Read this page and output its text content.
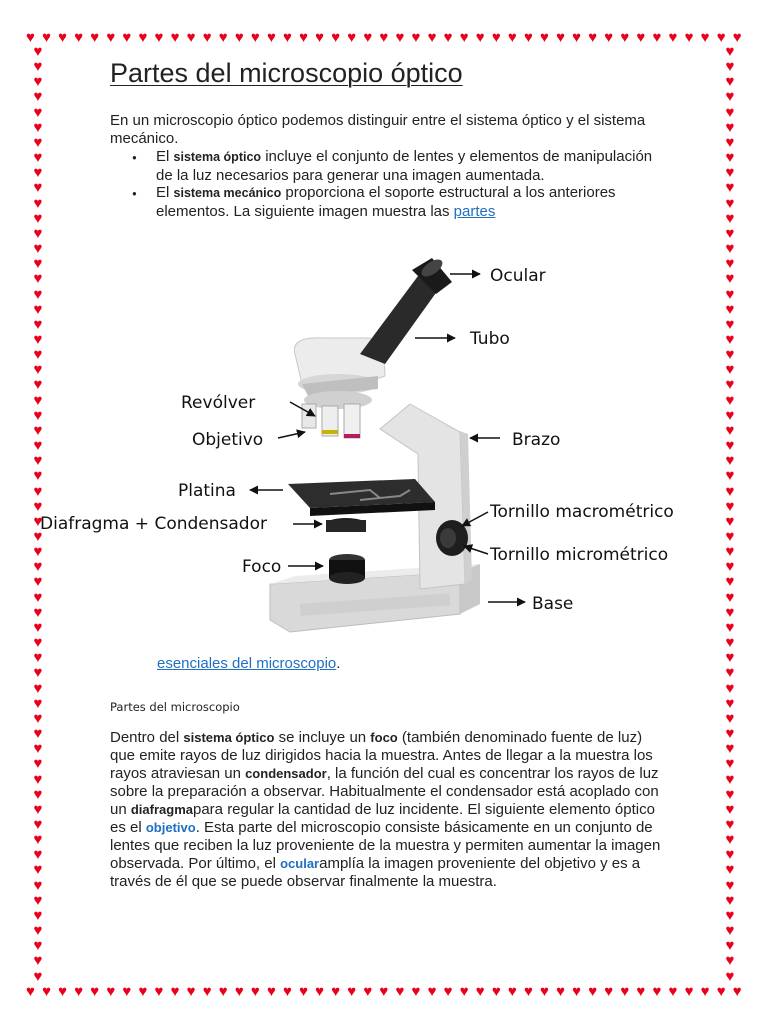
♥ ♥ ♥ ♥ ♥ ♥ ♥ ♥ ♥ ♥ ♥ ♥ ♥ ♥ ♥ ♥ ♥ ♥ ♥ ♥ ♥ ♥ ♥ ♥ ♥ ♥ ♥ ♥ ♥ ♥ ♥ ♥ ♥ ♥ ♥ ♥ ♥ ♥ ♥ ♥ ♥ ♥ ♥ ♥ ♥
♥ ♥ ♥ ♥ ♥ ♥ ♥ ♥ ♥ ♥ ♥ ♥ ♥ ♥ ♥ ♥ ♥ ♥ ♥ ♥ ♥ ♥ ♥ ♥ ♥ ♥ ♥ ♥ ♥ ♥ ♥ ♥ ♥ ♥ ♥ ♥ ♥ ♥ ♥ ♥ ♥ ♥ ♥ ♥ ♥
♥
♥
♥
♥
♥
♥
♥
♥
♥
♥
♥
♥
♥
♥
♥
♥
♥
♥
♥
♥
♥
♥
♥
♥
♥
♥
♥
♥
♥
♥
♥
♥
♥
♥
♥
♥
♥
♥
♥
♥
♥
♥
♥
♥
♥
♥
♥
♥
♥
♥
♥
♥
♥
♥
♥
♥
♥
♥
♥
♥
♥
♥
♥
♥
♥
♥
♥
♥
♥
♥
♥
♥
♥
♥
♥
♥
♥
♥
♥
♥
♥
♥
♥
♥
♥
♥
♥
♥
♥
♥
♥
♥
♥
♥
♥
♥
♥
♥
♥
♥
♥
♥
♥
♥
♥
♥
♥
♥
♥
♥
♥
♥
♥
♥
♥
♥
♥
♥
♥
♥
♥
♥
♥
♥
Partes del microscopio óptico

En un microscopio óptico podemos distinguir entre el sistema óptico y el sistema mecánico.

● El sistema óptico incluye el conjunto de lentes y elementos de manipulación de la luz necesarios para generar una imagen aumentada.
● El sistema mecánico proporciona el soporte estructural a los anteriores elementos. La siguiente imagen muestra las partes
Ocular
Tubo
Revólver
Objetivo	Brazo
Platina
Diafragma + Condensador
Tornillo macrométrico
Tornillo micrométrico
Foco
Base
esenciales del microscopio.
Partes del microscopio

Dentro del sistema óptico se incluye un foco (también denominado fuente de luz) que emite rayos de luz dirigidos hacia la muestra. Antes de llegar a la muestra los rayos atraviesan un condensador, la función del cual es concentrar los rayos de luz sobre la preparación a observar. Habitualmente el condensador está acoplado con un diafragmapara regular la cantidad de luz incidente. El siguiente elemento óptico es el objetivo. Esta parte del microscopio consiste básicamente en un conjunto de lentes que reciben la luz proveniente de la muestra y permiten aumentar la imagen observada. Por último, el ocularamplía la imagen proveniente del objetivo y es a través de él que se puede observar finalmente la muestra.
